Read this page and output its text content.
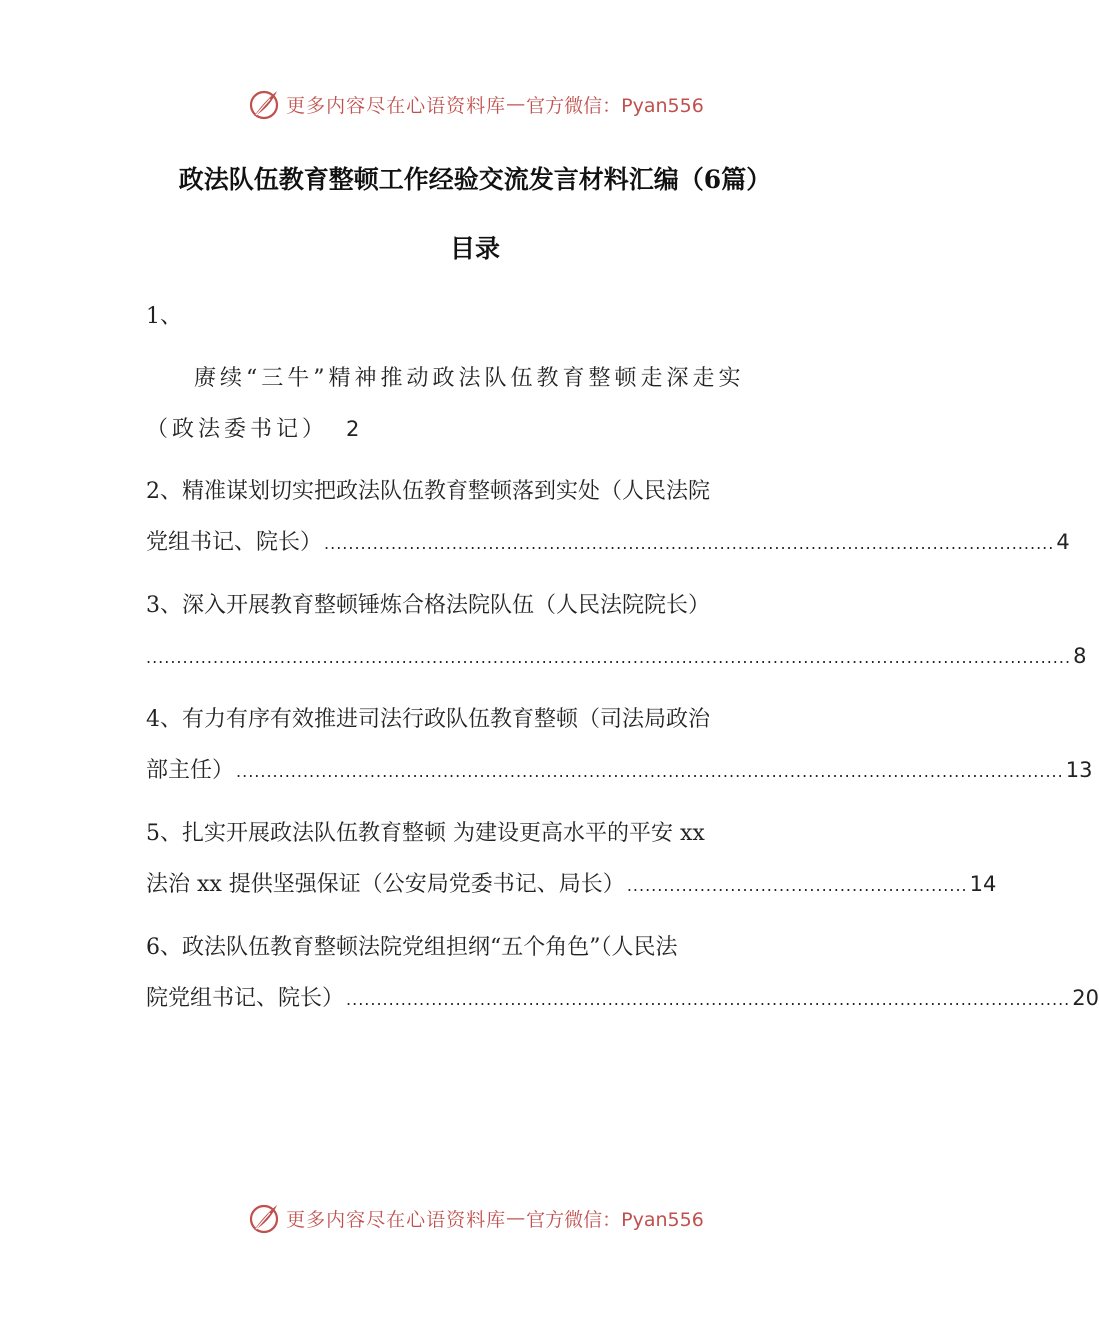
更多内容尽在心语资料库 — 官方微信：Pyan556
政法队伍教育整顿工作经验交流发言材料汇编（6篇）
目录
1、
赓续“三牛”精神推动政法队伍教育整顿走深走实
（政法委书记） 2
2、精准谋划切实把政法队伍教育整顿落到实处（人民法院
党组书记、院长） ........................................................................................................................ 4
3、深入开展教育整顿锤炼合格法院队伍（人民法院院长）
........................................................................................................................................................ 8
4、有力有序有效推进司法行政队伍教育整顿（司法局政治
部主任） ........................................................................................................................................ 13
5、扎实开展政法队伍教育整顿 为建设更高水平的平安 xx
法治 xx 提供坚强保证（公安局党委书记、局长） ........................................................ 14
6、政法队伍教育整顿法院党组担纲“五个角色”（人民法
院党组书记、院长） ....................................................................................................................... 20
更多内容尽在心语资料库 — 官方微信：Pyan556
